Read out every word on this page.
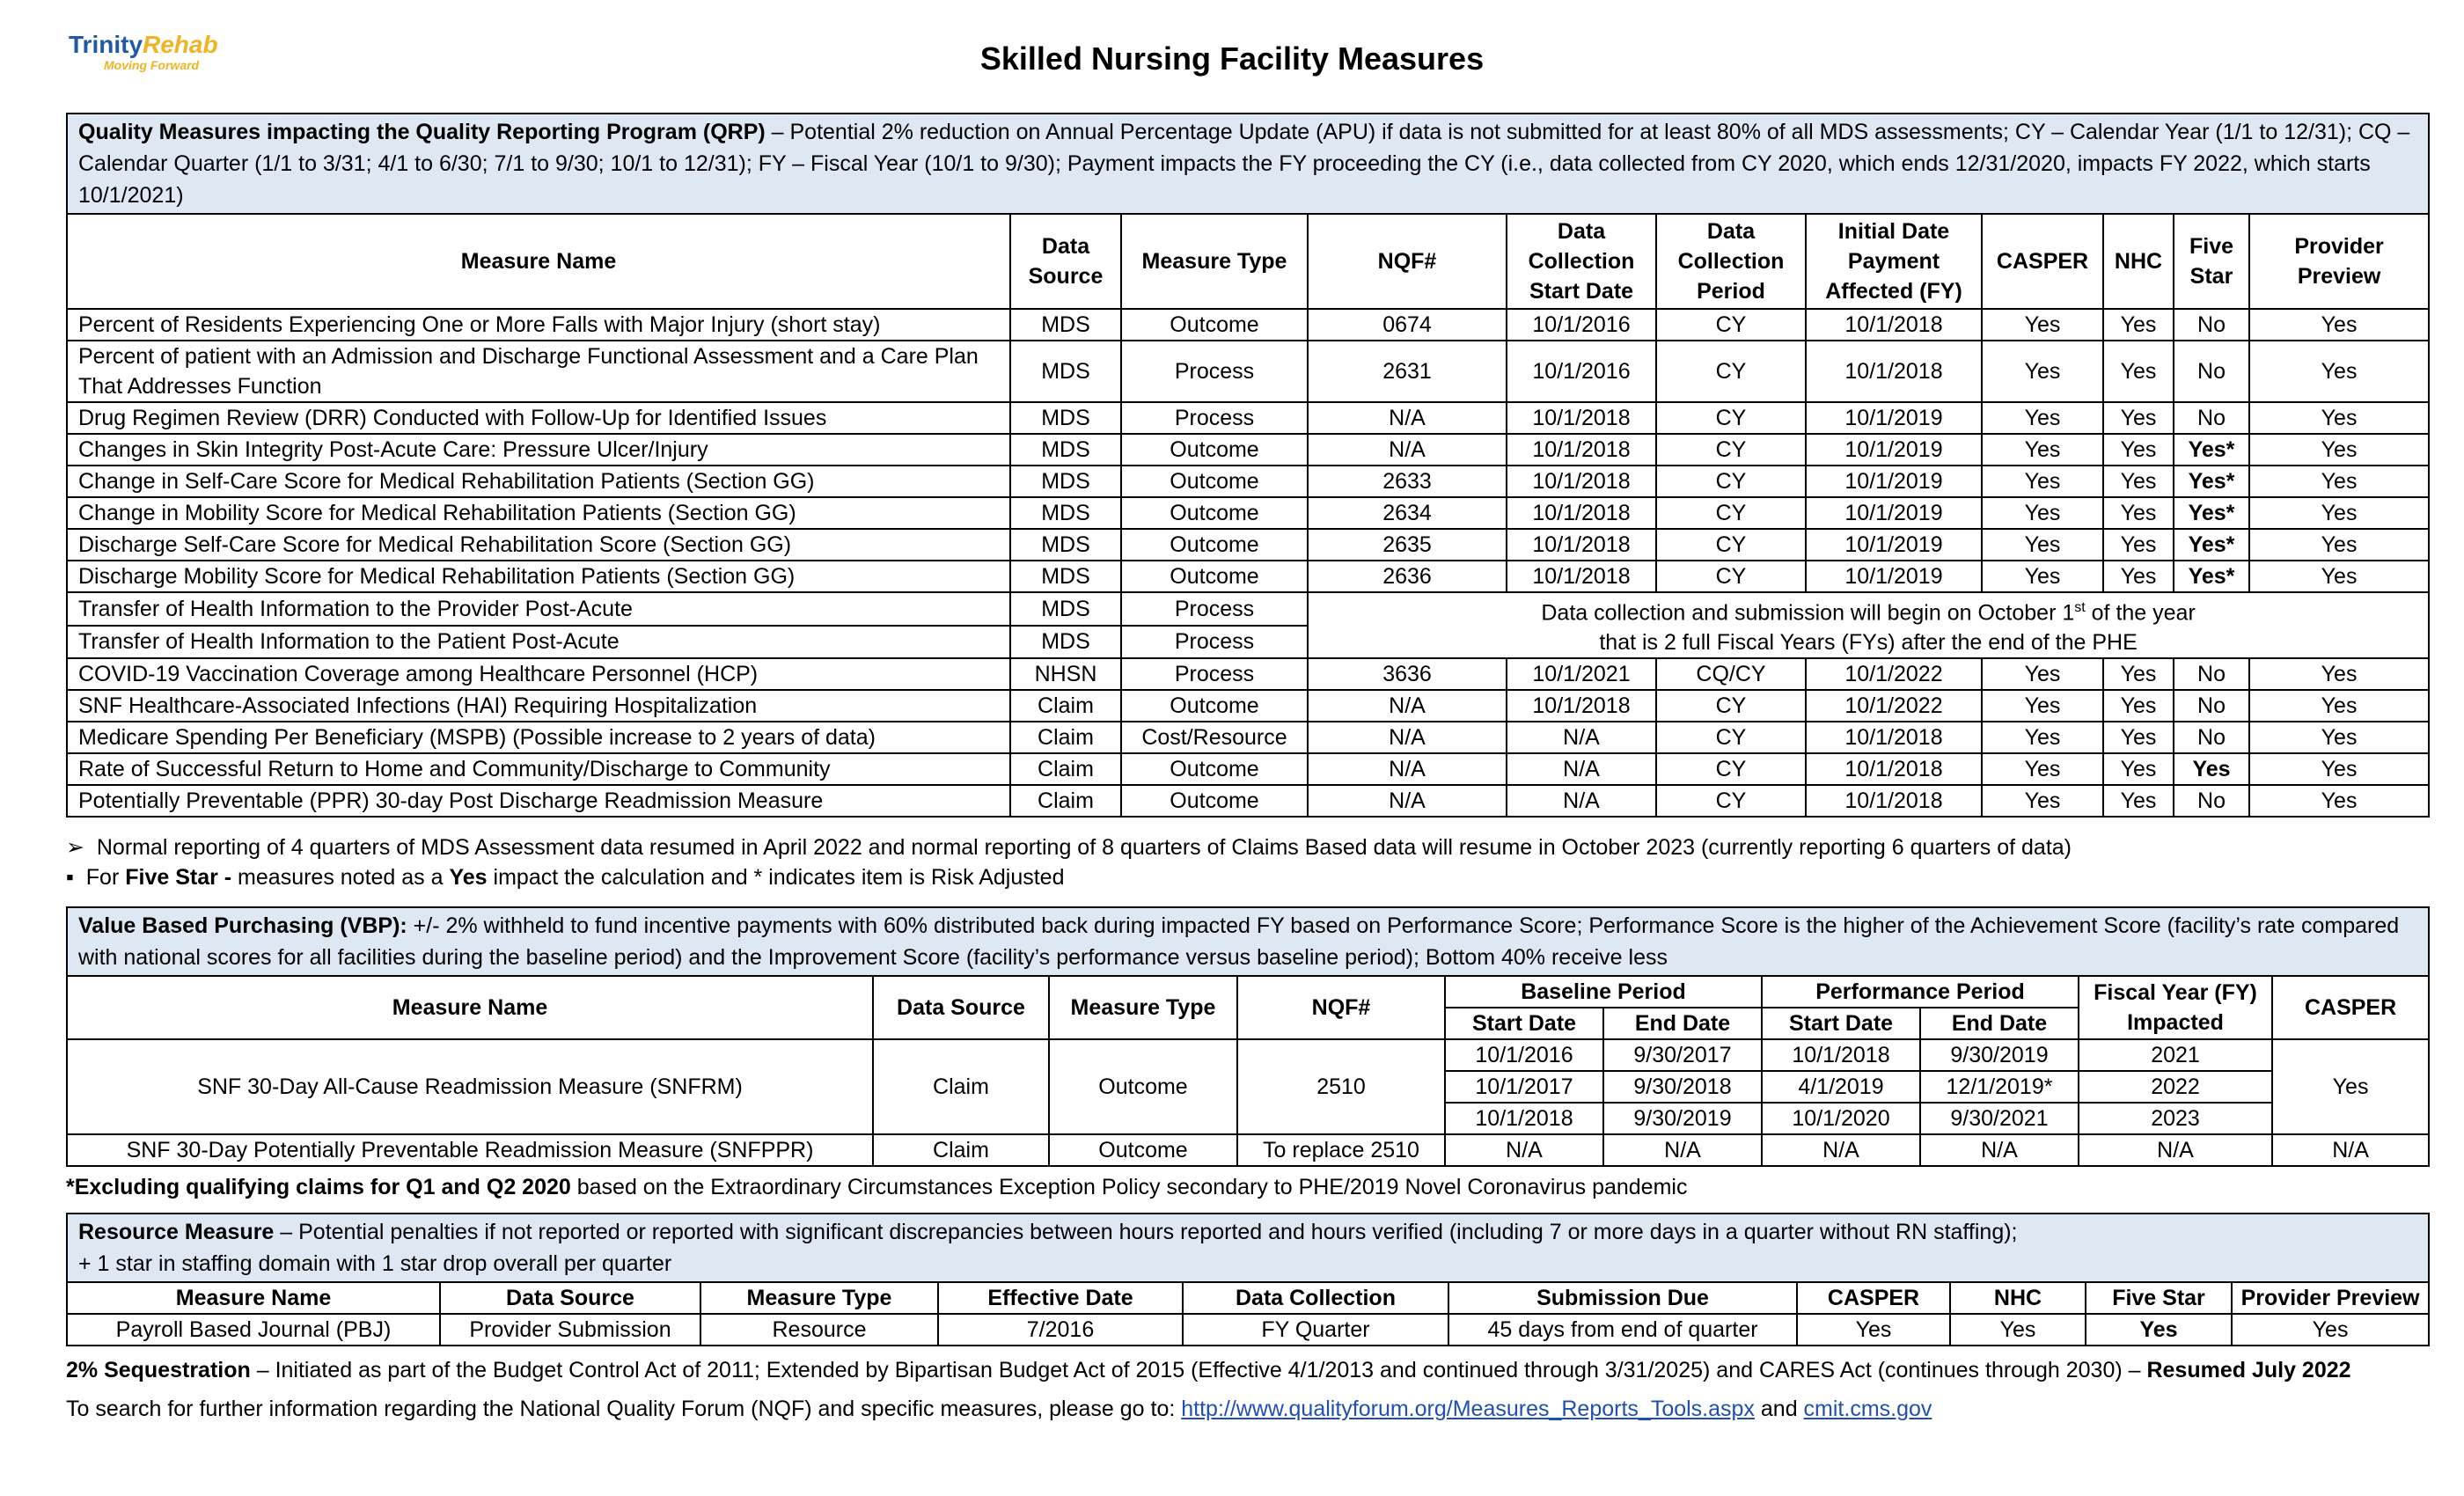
TrinityRehab
Moving Forward	Skilled Nursing Facility Measures
Quality Measures impacting the Quality Reporting Program (QRP) – Potential 2% reduction on Annual Percentage Update (APU) if data is not submitted for at least 80% of all MDS assessments; CY – Calendar Year (1/1 to 12/31); CQ – Calendar Quarter (1/1 to 3/31; 4/1 to 6/30; 7/1 to 9/30; 10/1 to 12/31); FY – Fiscal Year (10/1 to 9/30); Payment impacts the FY proceeding the CY (i.e., data collected from CY 2020, which ends 12/31/2020, impacts FY 2022, which starts 10/1/2021)										
Measure Name	Data Source	Measure Type	NQF#	Data Collection Start Date	Data Collection Period	Initial Date Payment Affected (FY)	CASPER	NHC	Five Star	Provider Preview
Percent of Residents Experiencing One or More Falls with Major Injury (short stay)	MDS	Outcome	0674	10/1/2016	CY	10/1/2018	Yes	Yes	No	Yes
Percent of patient with an Admission and Discharge Functional Assessment and a Care Plan That Addresses Function	MDS	Process	2631	10/1/2016	CY	10/1/2018	Yes	Yes	No	Yes
Drug Regimen Review (DRR) Conducted with Follow-Up for Identified Issues	MDS	Process	N/A	10/1/2018	CY	10/1/2019	Yes	Yes	No	Yes
Changes in Skin Integrity Post-Acute Care: Pressure Ulcer/Injury	MDS	Outcome	N/A	10/1/2018	CY	10/1/2019	Yes	Yes	Yes*	Yes
Change in Self-Care Score for Medical Rehabilitation Patients (Section GG)	MDS	Outcome	2633	10/1/2018	CY	10/1/2019	Yes	Yes	Yes*	Yes
Change in Mobility Score for Medical Rehabilitation Patients (Section GG)	MDS	Outcome	2634	10/1/2018	CY	10/1/2019	Yes	Yes	Yes*	Yes
Discharge Self-Care Score for Medical Rehabilitation Score (Section GG)	MDS	Outcome	2635	10/1/2018	CY	10/1/2019	Yes	Yes	Yes*	Yes
Discharge Mobility Score for Medical Rehabilitation Patients (Section GG)	MDS	Outcome	2636	10/1/2018	CY	10/1/2019	Yes	Yes	Yes*	Yes
Transfer of Health Information to the Provider Post-Acute	MDS	Process	Data collection and submission will begin on October 1st of the year
that is 2 full Fiscal Years (FYs) after the end of the PHE							

Transfer of Health Information to the Patient Post-Acute	MDS	Process								
COVID-19 Vaccination Coverage among Healthcare Personnel (HCP)	NHSN	Process	3636	10/1/2021	CQ/CY	10/1/2022	Yes	Yes	No	Yes
SNF Healthcare-Associated Infections (HAI) Requiring Hospitalization	Claim	Outcome	N/A	10/1/2018	CY	10/1/2022	Yes	Yes	No	Yes
Medicare Spending Per Beneficiary (MSPB) (Possible increase to 2 years of data)	Claim	Cost/Resource	N/A	N/A	CY	10/1/2018	Yes	Yes	No	Yes
Rate of Successful Return to Home and Community/Discharge to Community	Claim	Outcome	N/A	N/A	CY	10/1/2018	Yes	Yes	Yes	Yes
Potentially Preventable (PPR) 30-day Post Discharge Readmission Measure	Claim	Outcome	N/A	N/A	CY	10/1/2018	Yes	Yes	No	Yes
➢ Normal reporting of 4 quarters of MDS Assessment data resumed in April 2022 and normal reporting of 8 quarters of Claims Based data will resume in October 2023 (currently reporting 6 quarters of data)
▪ For Five Star - measures noted as a Yes impact the calculation and * indicates item is Risk Adjusted
Value Based Purchasing (VBP): +/- 2% withheld to fund incentive payments with 60% distributed back during impacted FY based on Performance Score; Performance Score is the higher of the Achievement Score (facility’s rate compared with national scores for all facilities during the baseline period) and the Improvement Score (facility’s performance versus baseline period); Bottom 40% receive less									
Measure Name	Data Source	Measure Type	NQF#	Baseline Period		Performance Period		Fiscal Year (FY) Impacted	CASPER
				Start Date	End Date	Start Date	End Date		
SNF 30-Day All-Cause Readmission Measure (SNFRM)	Claim	Outcome	2510	10/1/2016	9/30/2017	10/1/2018	9/30/2019	2021	Yes
				10/1/2017	9/30/2018	4/1/2019	12/1/2019*	2022	
				10/1/2018	9/30/2019	10/1/2020	9/30/2021	2023	
SNF 30-Day Potentially Preventable Readmission Measure (SNFPPR)	Claim	Outcome	To replace 2510	N/A	N/A	N/A	N/A	N/A	N/A
*Excluding qualifying claims for Q1 and Q2 2020 based on the Extraordinary Circumstances Exception Policy secondary to PHE/2019 Novel Coronavirus pandemic
Resource Measure – Potential penalties if not reported or reported with significant discrepancies between hours reported and hours verified (including 7 or more days in a quarter without RN staffing);
+ 1 star in staffing domain with 1 star drop overall per quarter									
Measure Name	Data Source	Measure Type	Effective Date	Data Collection	Submission Due	CASPER	NHC	Five Star	Provider Preview
Payroll Based Journal (PBJ)	Provider Submission	Resource	7/2016	FY Quarter	45 days from end of quarter	Yes	Yes	Yes	Yes
2% Sequestration – Initiated as part of the Budget Control Act of 2011; Extended by Bipartisan Budget Act of 2015 (Effective 4/1/2013 and continued through 3/31/2025) and CARES Act (continues through 2030) – Resumed July 2022
To search for further information regarding the National Quality Forum (NQF) and specific measures, please go to: http://www.qualityforum.org/Measures_Reports_Tools.aspx and cmit.cms.gov
